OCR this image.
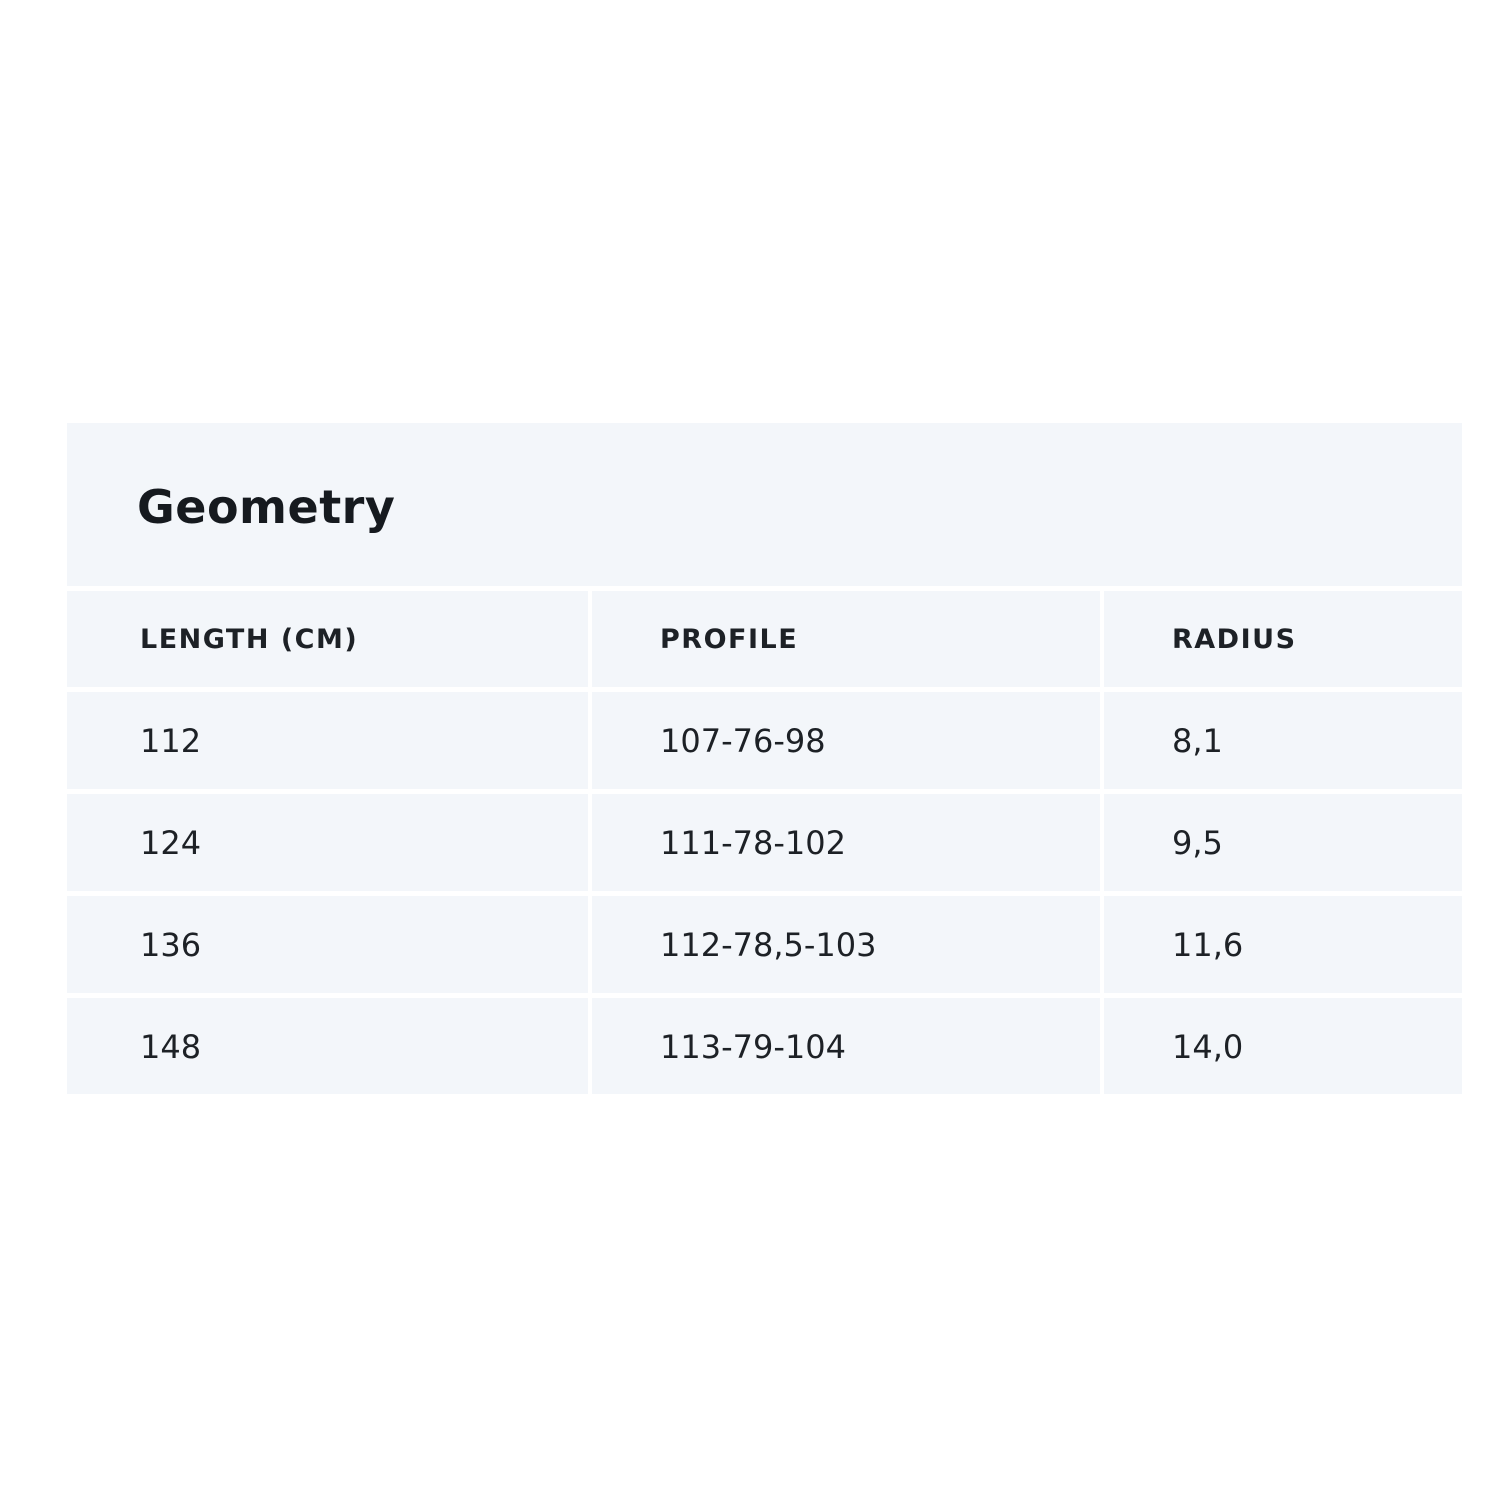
Geometry
LENGTH (CM)	PROFILE	RADIUS
112	107-76-98	8,1
124	111-78-102	9,5
136	112-78,5-103	11,6
148	113-79-104	14,0
